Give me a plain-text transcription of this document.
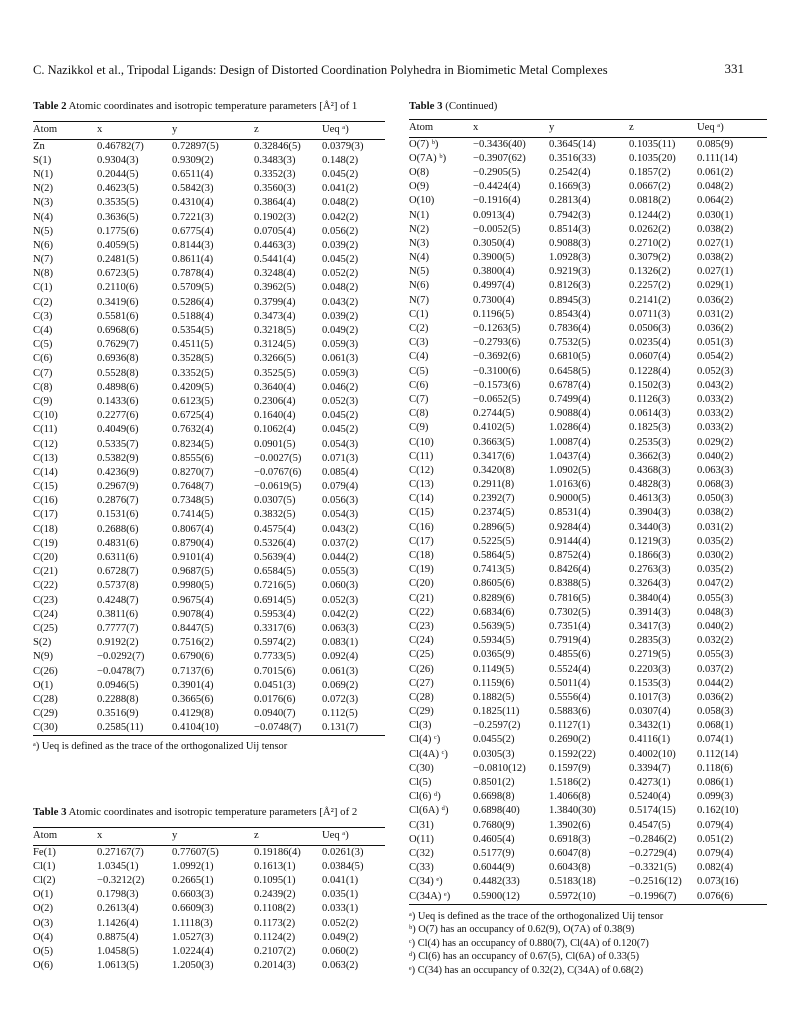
C. Nazikkol et al., Tripodal Ligands: Design of Distorted Coordination Polyhedra in Biomimetic Metal Complexes	331
Table 2 Atomic coordinates and isotropic temperature parameters [Å²] of 1
Atom	x	y	z	Ueq ᵃ)
Zn	0.46782(7)	0.72897(5)	0.32846(5)	0.0379(3)
S(1)	0.9304(3)	0.9309(2)	0.3483(3)	0.148(2)
N(1)	0.2044(5)	0.6511(4)	0.3352(3)	0.045(2)
N(2)	0.4623(5)	0.5842(3)	0.3560(3)	0.041(2)
N(3)	0.3535(5)	0.4310(4)	0.3864(4)	0.048(2)
N(4)	0.3636(5)	0.7221(3)	0.1902(3)	0.042(2)
N(5)	0.1775(6)	0.6775(4)	0.0705(4)	0.056(2)
N(6)	0.4059(5)	0.8144(3)	0.4463(3)	0.039(2)
N(7)	0.2481(5)	0.8611(4)	0.5441(4)	0.045(2)
N(8)	0.6723(5)	0.7878(4)	0.3248(4)	0.052(2)
C(1)	0.2110(6)	0.5709(5)	0.3962(5)	0.048(2)
C(2)	0.3419(6)	0.5286(4)	0.3799(4)	0.043(2)
C(3)	0.5581(6)	0.5188(4)	0.3473(4)	0.039(2)
C(4)	0.6968(6)	0.5354(5)	0.3218(5)	0.049(2)
C(5)	0.7629(7)	0.4511(5)	0.3124(5)	0.059(3)
C(6)	0.6936(8)	0.3528(5)	0.3266(5)	0.061(3)
C(7)	0.5528(8)	0.3352(5)	0.3525(5)	0.059(3)
C(8)	0.4898(6)	0.4209(5)	0.3640(4)	0.046(2)
C(9)	0.1433(6)	0.6123(5)	0.2306(4)	0.052(3)
C(10)	0.2277(6)	0.6725(4)	0.1640(4)	0.045(2)
C(11)	0.4049(6)	0.7632(4)	0.1062(4)	0.045(2)
C(12)	0.5335(7)	0.8234(5)	0.0901(5)	0.054(3)
C(13)	0.5382(9)	0.8555(6)	−0.0027(5)	0.071(3)
C(14)	0.4236(9)	0.8270(7)	−0.0767(6)	0.085(4)
C(15)	0.2967(9)	0.7648(7)	−0.0619(5)	0.079(4)
C(16)	0.2876(7)	0.7348(5)	0.0307(5)	0.056(3)
C(17)	0.1531(6)	0.7414(5)	0.3832(5)	0.054(3)
C(18)	0.2688(6)	0.8067(4)	0.4575(4)	0.043(2)
C(19)	0.4831(6)	0.8790(4)	0.5326(4)	0.037(2)
C(20)	0.6311(6)	0.9101(4)	0.5639(4)	0.044(2)
C(21)	0.6728(7)	0.9687(5)	0.6584(5)	0.055(3)
C(22)	0.5737(8)	0.9980(5)	0.7216(5)	0.060(3)
C(23)	0.4248(7)	0.9675(4)	0.6914(5)	0.052(3)
C(24)	0.3811(6)	0.9078(4)	0.5953(4)	0.042(2)
C(25)	0.7777(7)	0.8447(5)	0.3317(6)	0.063(3)
S(2)	0.9192(2)	0.7516(2)	0.5974(2)	0.083(1)
N(9)	−0.0292(7)	0.6790(6)	0.7733(5)	0.092(4)
C(26)	−0.0478(7)	0.7137(6)	0.7015(6)	0.061(3)
O(1)	0.0946(5)	0.3901(4)	0.0451(3)	0.069(2)
C(28)	0.2288(8)	0.3665(6)	0.0176(6)	0.072(3)
C(29)	0.3516(9)	0.4129(8)	0.0940(7)	0.112(5)
C(30)	0.2585(11)	0.4104(10)	−0.0748(7)	0.131(7)
ᵃ) Ueq is defined as the trace of the orthogonalized Uij tensor
Table 3 Atomic coordinates and isotropic temperature parameters [Å²] of 2
Atom	x	y	z	Ueq ᵃ)
Fe(1)	0.27167(7)	0.77607(5)	0.19186(4)	0.0261(3)
Cl(1)	1.0345(1)	1.0992(1)	0.1613(1)	0.0384(5)
Cl(2)	−0.3212(2)	0.2665(1)	0.1095(1)	0.041(1)
O(1)	0.1798(3)	0.6603(3)	0.2439(2)	0.035(1)
O(2)	0.2613(4)	0.6609(3)	0.1108(2)	0.033(1)
O(3)	1.1426(4)	1.1118(3)	0.1173(2)	0.052(2)
O(4)	0.8875(4)	1.0527(3)	0.1124(2)	0.049(2)
O(5)	1.0458(5)	1.0224(4)	0.2107(2)	0.060(2)
O(6)	1.0613(5)	1.2050(3)	0.2014(3)	0.063(2)
Table 3 (Continued)
Atom	x	y	z	Ueq ᵃ)
O(7) ᵇ)	−0.3436(40)	0.3645(14)	0.1035(11)	0.085(9)
O(7A) ᵇ)	−0.3907(62)	0.3516(33)	0.1035(20)	0.111(14)
O(8)	−0.2905(5)	0.2542(4)	0.1857(2)	0.061(2)
O(9)	−0.4424(4)	0.1669(3)	0.0667(2)	0.048(2)
O(10)	−0.1916(4)	0.2813(4)	0.0818(2)	0.064(2)
N(1)	0.0913(4)	0.7942(3)	0.1244(2)	0.030(1)
N(2)	−0.0052(5)	0.8514(3)	0.0262(2)	0.038(2)
N(3)	0.3050(4)	0.9088(3)	0.2710(2)	0.027(1)
N(4)	0.3900(5)	1.0928(3)	0.3079(2)	0.038(2)
N(5)	0.3800(4)	0.9219(3)	0.1326(2)	0.027(1)
N(6)	0.4997(4)	0.8126(3)	0.2257(2)	0.029(1)
N(7)	0.7300(4)	0.8945(3)	0.2141(2)	0.036(2)
C(1)	0.1196(5)	0.8543(4)	0.0711(3)	0.031(2)
C(2)	−0.1263(5)	0.7836(4)	0.0506(3)	0.036(2)
C(3)	−0.2793(6)	0.7532(5)	0.0235(4)	0.051(3)
C(4)	−0.3692(6)	0.6810(5)	0.0607(4)	0.054(2)
C(5)	−0.3100(6)	0.6458(5)	0.1228(4)	0.052(3)
C(6)	−0.1573(6)	0.6787(4)	0.1502(3)	0.043(2)
C(7)	−0.0652(5)	0.7499(4)	0.1126(3)	0.033(2)
C(8)	0.2744(5)	0.9088(4)	0.0614(3)	0.033(2)
C(9)	0.4102(5)	1.0286(4)	0.1825(3)	0.033(2)
C(10)	0.3663(5)	1.0087(4)	0.2535(3)	0.029(2)
C(11)	0.3417(6)	1.0437(4)	0.3662(3)	0.040(2)
C(12)	0.3420(8)	1.0902(5)	0.4368(3)	0.063(3)
C(13)	0.2911(8)	1.0163(6)	0.4828(3)	0.068(3)
C(14)	0.2392(7)	0.9000(5)	0.4613(3)	0.050(3)
C(15)	0.2374(5)	0.8531(4)	0.3904(3)	0.038(2)
C(16)	0.2896(5)	0.9284(4)	0.3440(3)	0.031(2)
C(17)	0.5225(5)	0.9144(4)	0.1219(3)	0.035(2)
C(18)	0.5864(5)	0.8752(4)	0.1866(3)	0.030(2)
C(19)	0.7413(5)	0.8426(4)	0.2763(3)	0.035(2)
C(20)	0.8605(6)	0.8388(5)	0.3264(3)	0.047(2)
C(21)	0.8289(6)	0.7816(5)	0.3840(4)	0.055(3)
C(22)	0.6834(6)	0.7302(5)	0.3914(3)	0.048(3)
C(23)	0.5639(5)	0.7351(4)	0.3417(3)	0.040(2)
C(24)	0.5934(5)	0.7919(4)	0.2835(3)	0.032(2)
C(25)	0.0365(9)	0.4855(6)	0.2719(5)	0.055(3)
C(26)	0.1149(5)	0.5524(4)	0.2203(3)	0.037(2)
C(27)	0.1159(6)	0.5011(4)	0.1535(3)	0.044(2)
C(28)	0.1882(5)	0.5556(4)	0.1017(3)	0.036(2)
C(29)	0.1825(11)	0.5883(6)	0.0307(4)	0.058(3)
Cl(3)	−0.2597(2)	0.1127(1)	0.3432(1)	0.068(1)
Cl(4) ᶜ)	0.0455(2)	0.2690(2)	0.4116(1)	0.074(1)
Cl(4A) ᶜ)	0.0305(3)	0.1592(22)	0.4002(10)	0.112(14)
C(30)	−0.0810(12)	0.1597(9)	0.3394(7)	0.118(6)
Cl(5)	0.8501(2)	1.5186(2)	0.4273(1)	0.086(1)
Cl(6) ᵈ)	0.6698(8)	1.4066(8)	0.5240(4)	0.099(3)
Cl(6A) ᵈ)	0.6898(40)	1.3840(30)	0.5174(15)	0.162(10)
C(31)	0.7680(9)	1.3902(6)	0.4547(5)	0.079(4)
O(11)	0.4605(4)	0.6918(3)	−0.2846(2)	0.051(2)
C(32)	0.5177(9)	0.6047(8)	−0.2729(4)	0.079(4)
C(33)	0.6044(9)	0.6043(8)	−0.3321(5)	0.082(4)
C(34) ᵉ)	0.4482(33)	0.5183(18)	−0.2516(12)	0.073(16)
C(34A) ᵉ)	0.5900(12)	0.5972(10)	−0.1996(7)	0.076(6)
ᵃ) Ueq is defined as the trace of the orthogonalized Uij tensor
ᵇ) O(7) has an occupancy of 0.62(9), O(7A) of 0.38(9)
ᶜ) Cl(4) has an occupancy of 0.880(7), Cl(4A) of 0.120(7)
ᵈ) Cl(6) has an occupancy of 0.67(5), Cl(6A) of 0.33(5)
ᵉ) C(34) has an occupancy of 0.32(2), C(34A) of 0.68(2)
